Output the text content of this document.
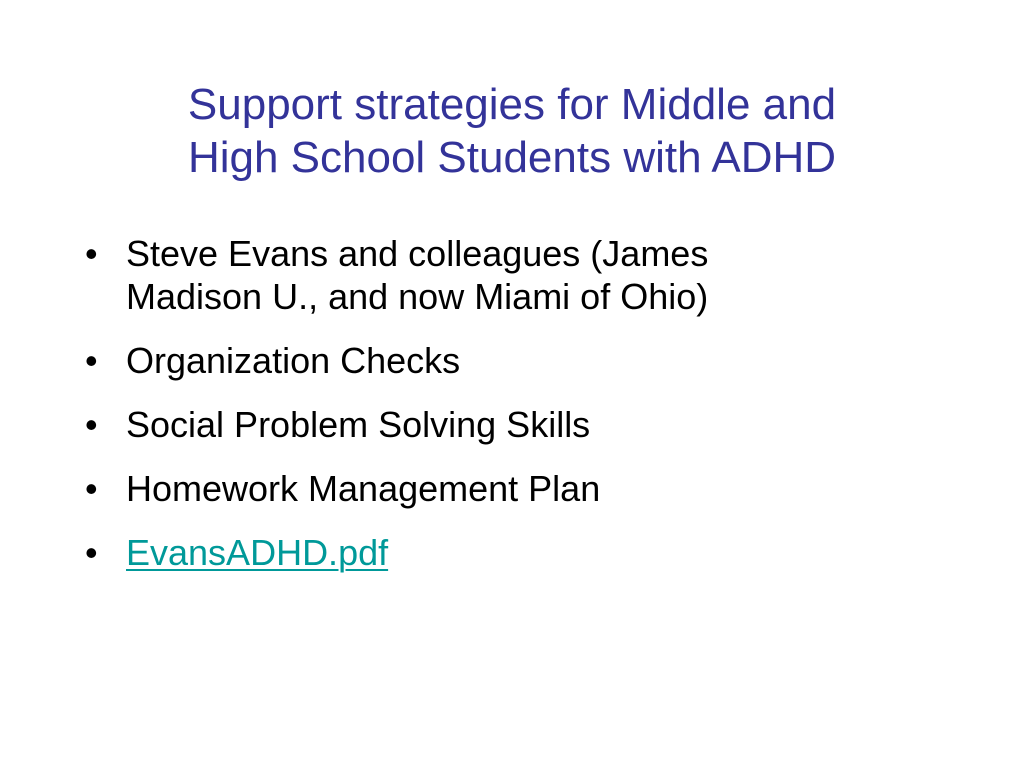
Support strategies for Middle and
High School Students with ADHD
• Steve Evans and colleagues (James
Madison U., and now Miami of Ohio)
• Organization Checks
• Social Problem Solving Skills
• Homework Management Plan
• EvansADHD.pdf
